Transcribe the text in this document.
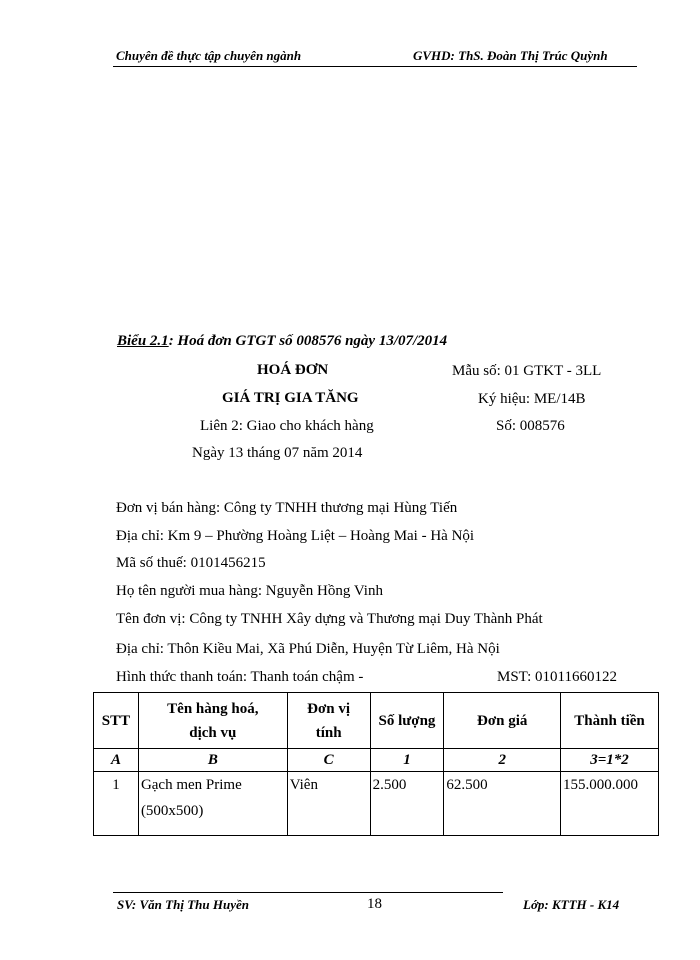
Chuyên đề thực tập chuyên ngành	GVHD: ThS. Đoàn Thị Trúc Quỳnh
Biểu 2.1: Hoá đơn GTGT số 008576 ngày 13/07/2014
HOÁ ĐƠN
GIÁ TRỊ GIA TĂNG
Liên 2: Giao cho khách hàng
Ngày 13 tháng 07 năm 2014
Mẫu số: 01 GTKT - 3LL
Ký hiệu: ME/14B
Số: 008576
Đơn vị bán hàng: Công ty TNHH thương mại Hùng Tiến
Địa chỉ: Km 9 – Phường Hoàng Liệt – Hoàng Mai - Hà Nội
Mã số thuế: 0101456215
Họ tên người mua hàng: Nguyễn Hồng Vinh
Tên đơn vị: Công ty TNHH Xây dựng và Thương mại Duy Thành Phát
Địa chỉ: Thôn Kiều Mai, Xã Phú Diễn, Huyện Từ Liêm, Hà Nội
Hình thức thanh toán: Thanh toán chậm -	MST: 01011660122
STT	Tên hàng hoá, dịch vụ	Đơn vị tính	Số lượng	Đơn giá	Thành tiền
A	B	C	1	2	3=1*2
1	Gạch men Prime (500x500)	Viên	2.500	62.500	155.000.000
SV: Văn Thị Thu Huyền	18	Lớp: KTTH - K14
